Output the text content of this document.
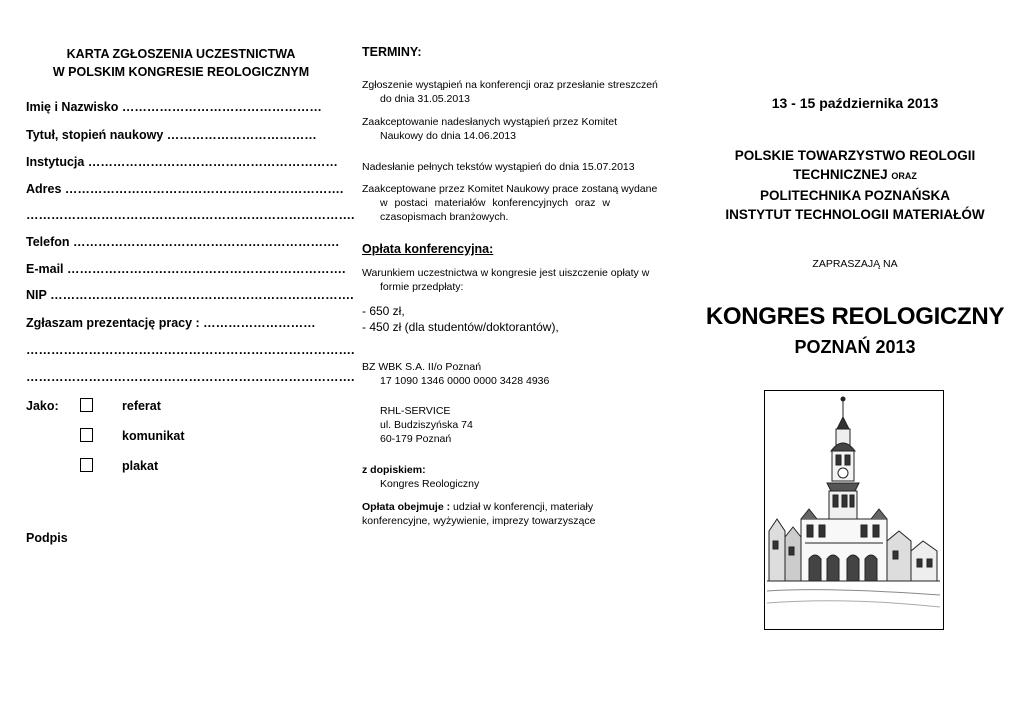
KARTA ZGŁOSZENIA UCZESTNICTWA
W POLSKIM KONGRESIE REOLOGICZNYM
Imię i Nazwisko …………………………………………
Tytuł, stopień naukowy ………………………………
Instytucja ……………………………………………………
Adres ………………………………………………………….
…………………………………………………………………….
Telefon ……………………………………………………….
E-mail ………………………………………………………….
NIP ……………………………………………………………….
Zgłaszam prezentację pracy : ………………………
…………………………………………………………………….
…………………………………………………………………….
Jako:	referat
komunikat
plakat
Podpis
TERMINY:
Zgłoszenie wystąpień na konferencji oraz przesłanie streszczeń
do dnia 31.05.2013
Zaakceptowanie nadesłanych wystąpień przez Komitet
Naukowy do dnia 14.06.2013
Nadesłanie pełnych tekstów wystąpień do dnia 15.07.2013
Zaakceptowane przez Komitet Naukowy prace zostaną wydane
w postaci materiałów konferencyjnych oraz w czasopismach branżowych.
Opłata konferencyjna:
Warunkiem uczestnictwa w kongresie jest uiszczenie opłaty w
formie przedpłaty:
- 650 zł,
- 450 zł (dla studentów/doktorantów),
BZ WBK S.A. II/o Poznań
17 1090 1346 0000 0000 3428 4936
RHL-SERVICE
ul. Budziszyńska 74
60-179 Poznań
z dopiskiem:
Kongres Reologiczny
Opłata obejmuje : udział w konferencji, materiały
konferencyjne, wyżywienie, imprezy towarzyszące
13 - 15 października 2013
POLSKIE TOWARZYSTWO REOLOGII
TECHNICZNEJ ORAZ
POLITECHNIKA POZNAŃSKA
INSTYTUT TECHNOLOGII MATERIAŁÓW
ZAPRASZAJĄ NA
KONGRES REOLOGICZNY
POZNAŃ 2013
